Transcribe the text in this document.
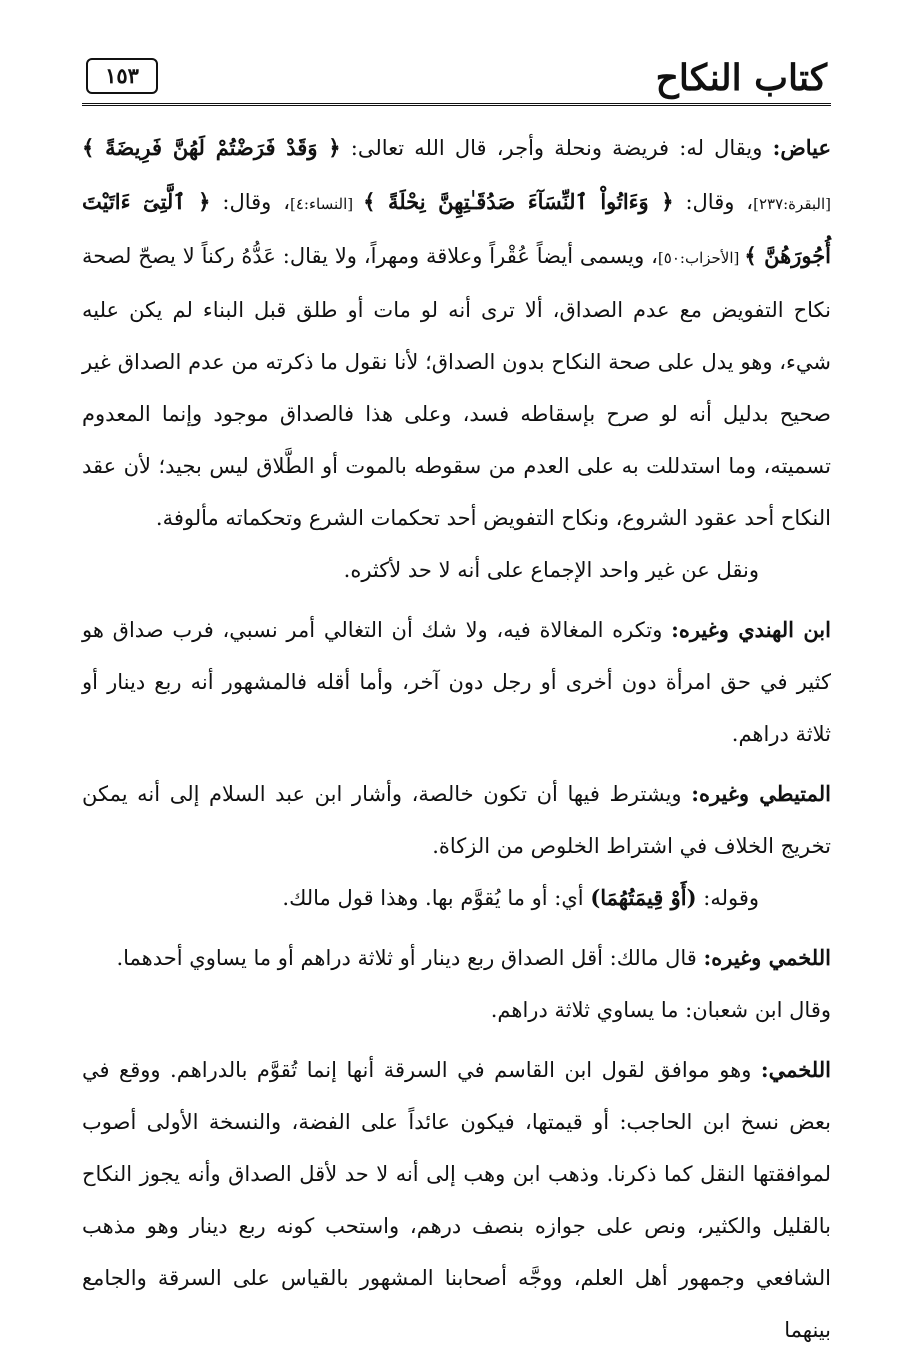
كتاب النكاح
١٥٣

عياض: ويقال له: فريضة ونحلة وأجر، قال الله تعالى: ﴿ وَقَدْ فَرَضْتُمْ لَهُنَّ فَرِيضَةً ﴾ [البقرة:٢٣٧]، وقال: ﴿ وَءَاتُواْ ٱلنِّسَآءَ صَدُقَـٰتِهِنَّ نِحْلَةً ﴾ [النساء:٤]، وقال: ﴿ ٱلَّتِىٓ ءَاتَيْتَ أُجُورَهُنَّ ﴾ [الأحزاب:٥٠]، ويسمى أيضاً عُقْراً وعلاقة ومهراً، ولا يقال: عَدُّهُ ركناً لا يصحّ لصحة نكاح التفويض مع عدم الصداق، ألا ترى أنه لو مات أو طلق قبل البناء لم يكن عليه شيء، وهو يدل على صحة النكاح بدون الصداق؛ لأنا نقول ما ذكرته من عدم الصداق غير صحيح بدليل أنه لو صرح بإسقاطه فسد، وعلى هذا فالصداق موجود وإنما المعدوم تسميته، وما استدللت به على العدم من سقوطه بالموت أو الطَّلاق ليس بجيد؛ لأن عقد النكاح أحد عقود الشروع، ونكاح التفويض أحد تحكمات الشرع وتحكماته مألوفة.

ونقل عن غير واحد الإجماع على أنه لا حد لأكثره.

ابن الهندي وغيره: وتكره المغالاة فيه، ولا شك أن التغالي أمر نسبي، فرب صداق هو كثير في حق امرأة دون أخرى أو رجل دون آخر، وأما أقله فالمشهور أنه ربع دينار أو ثلاثة دراهم.

المتيطي وغيره: ويشترط فيها أن تكون خالصة، وأشار ابن عبد السلام إلى أنه يمكن تخريج الخلاف في اشتراط الخلوص من الزكاة.

وقوله: (أَوْ قِيمَتُهُمَا) أي: أو ما يُقوَّم بها. وهذا قول مالك.

اللخمي وغيره: قال مالك: أقل الصداق ربع دينار أو ثلاثة دراهم أو ما يساوي أحدهما.

وقال ابن شعبان: ما يساوي ثلاثة دراهم.

اللخمي: وهو موافق لقول ابن القاسم في السرقة أنها إنما تُقوَّم بالدراهم. ووقع في بعض نسخ ابن الحاجب: أو قيمتها، فيكون عائداً على الفضة، والنسخة الأولى أصوب لموافقتها النقل كما ذكرنا. وذهب ابن وهب إلى أنه لا حد لأقل الصداق وأنه يجوز النكاح بالقليل والكثير، ونص على جوازه بنصف درهم، واستحب كونه ربع دينار وهو مذهب الشافعي وجمهور أهل العلم، ووجَّه أصحابنا المشهور بالقياس على السرقة والجامع بينهما
